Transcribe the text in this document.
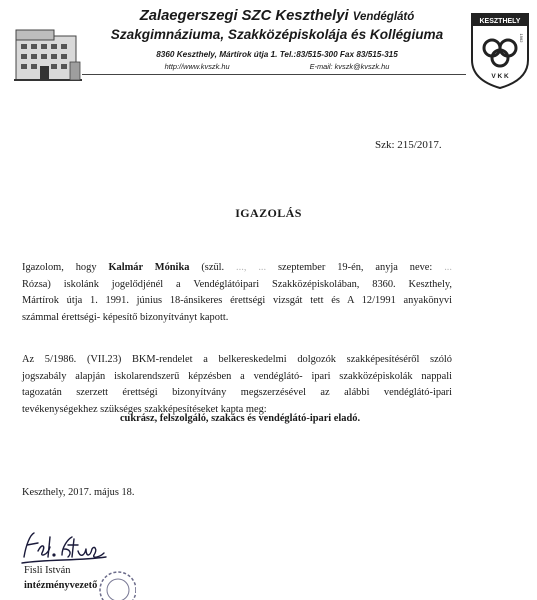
Zalaegerszegi SZC Keszthelyi Vendéglátó
Szakgimnáziuma, Szakközépiskolája és Kollégiuma
8360 Keszthely, Mártírok útja 1. Tel.:83/515-300 Fax 83/515-315
http://www.kvszk.hu	E-mail: kvszk@kvszk.hu
KESZTHELY
1962
V K K
Szk: 215/2017.
IGAZOLÁS
Igazolom, hogy Kalmár Mónika (szül. ..., ... szeptember 19-én, anyja neve: ...
Rózsa) iskolánk jogelődjénél a Vendéglátóipari Szakközépiskolában, 8360. Keszthely,
Mártírok útja 1. 1991. június 18-ánsikeres érettségi vizsgát tett és A 12/1991 anyakönyvi
számmal érettségi- képesítő bizonyítványt kapott.
Az 5/1986. (VII.23) BKM-rendelet a belkereskedelmi dolgozók szakképesítéséről szóló
jogszabály alapján iskolarendszerű képzésben a vendéglátó- ipari szakközépiskolák nappali
tagozatán szerzett érettségi bizonyítvány megszerzésével az alábbi vendéglátó-ipari
tevékenységekhez szükséges szakképesítéseket kapta meg:
cukrász, felszolgáló, szakács és vendéglátó-ipari eladó.
Keszthely, 2017. május 18.
Fisli István
intézményvezető
